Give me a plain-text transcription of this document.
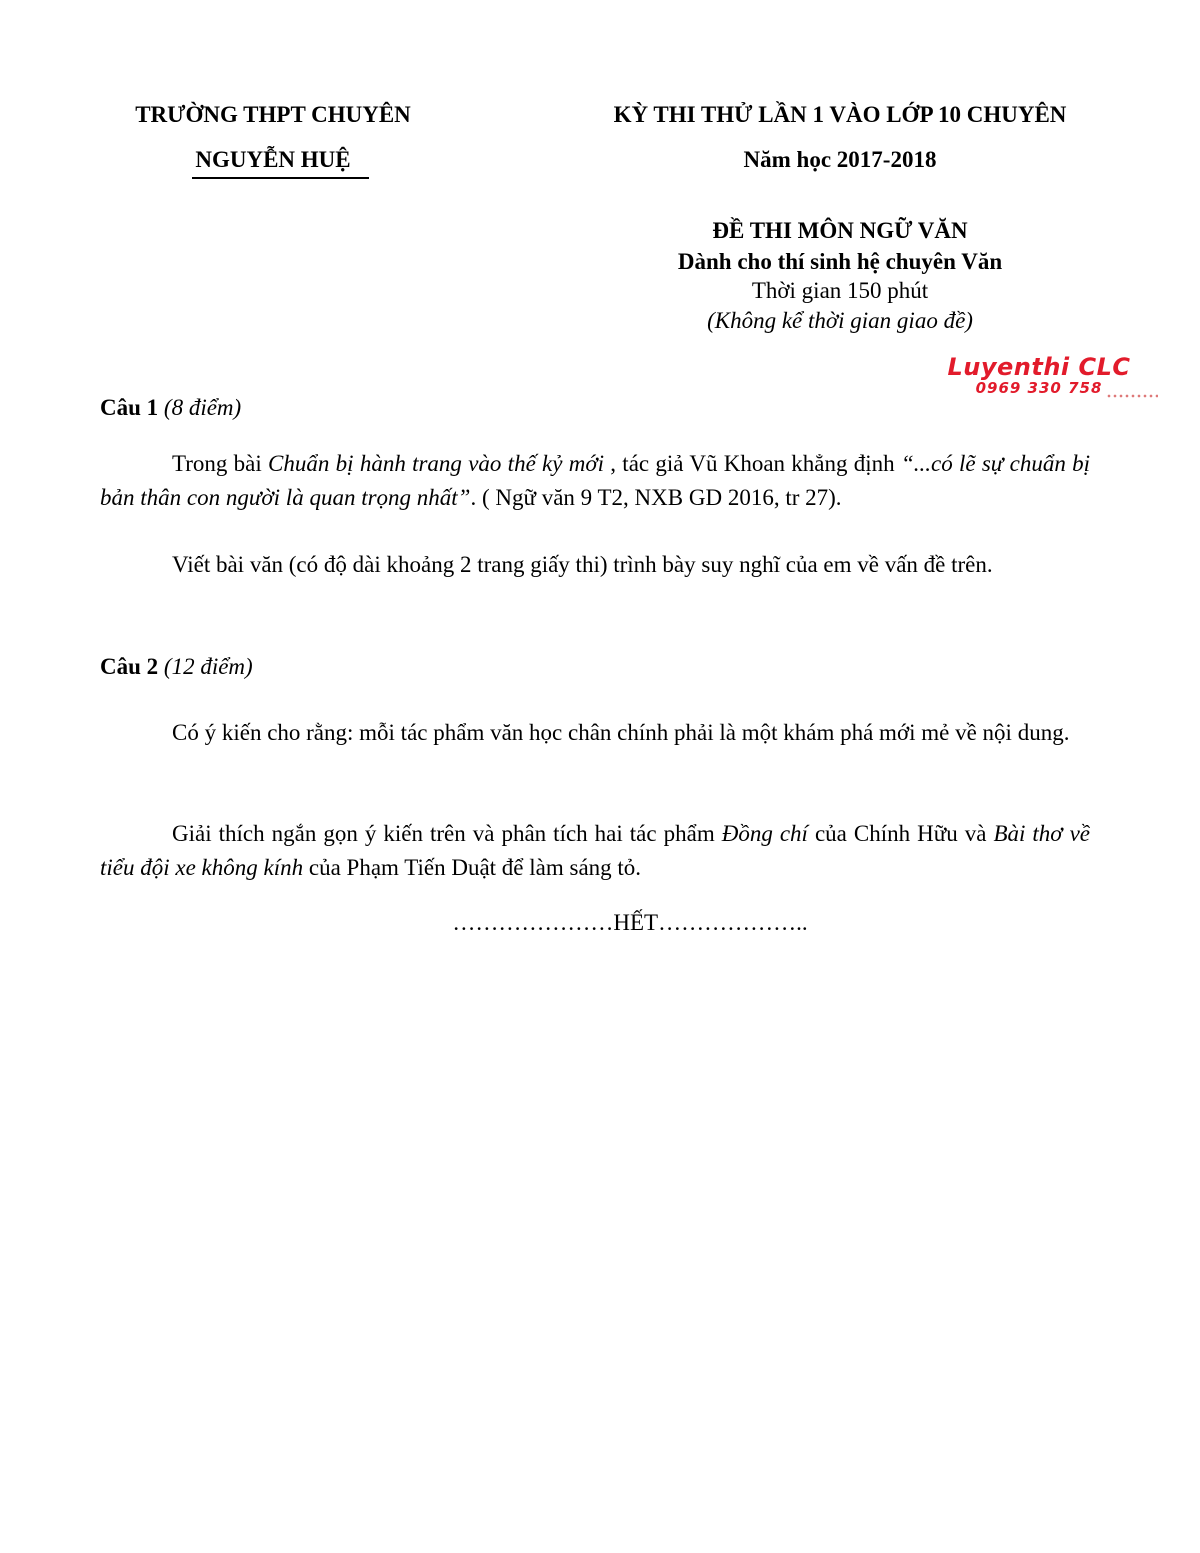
TRƯỜNG THPT CHUYÊN
NGUYỄN HUỆ
KỲ THI THỬ LẦN 1 VÀO LỚP 10 CHUYÊN
Năm học 2017-2018
ĐỀ THI MÔN NGỮ VĂN
Dành cho thí sinh hệ chuyên Văn
Thời gian 150 phút
(Không kể thời gian giao đề)
Luyenthi CLC
0969 330 758
Câu 1 (8 điểm)
Trong bài Chuẩn bị hành trang vào thế kỷ mới , tác giả Vũ Khoan khẳng định “...có lẽ sự chuẩn bị bản thân con người là quan trọng nhất”. ( Ngữ văn 9 T2, NXB GD 2016, tr 27).
Viết bài văn (có độ dài khoảng 2 trang giấy thi) trình bày suy nghĩ của em về vấn đề trên.
Câu 2 (12 điểm)
Có ý kiến cho rằng: mỗi tác phẩm văn học chân chính phải là một khám phá mới mẻ về nội dung.
Giải thích ngắn gọn ý kiến trên và phân tích hai tác phẩm Đồng chí của Chính Hữu và Bài thơ về tiểu đội xe không kính của Phạm Tiến Duật để làm sáng tỏ.
…………………HẾT………………..
